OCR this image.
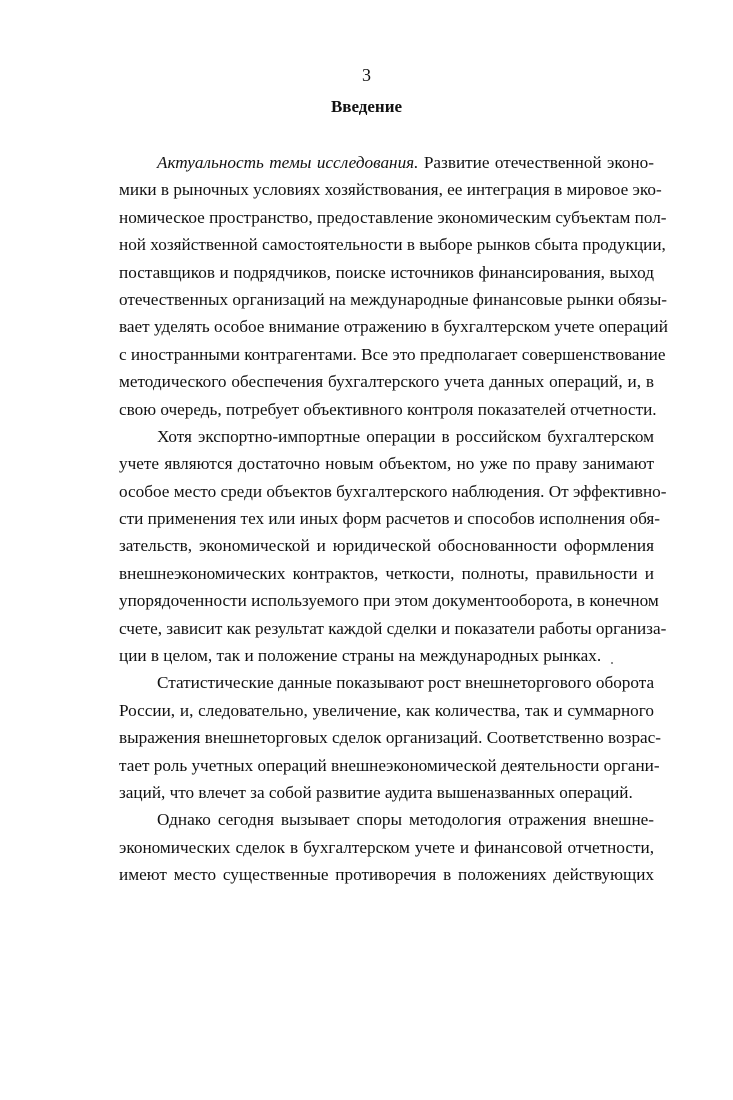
3
Введение
Актуальность темы исследования. Развитие отечественной эконо-
мики в рыночных условиях хозяйствования, ее интеграция в мировое эко-
номическое пространство, предоставление экономическим субъектам пол-
ной хозяйственной самостоятельности в выборе рынков сбыта продукции,
поставщиков и подрядчиков, поиске источников финансирования, выход
отечественных организаций на международные финансовые рынки обязы-
вает уделять особое внимание отражению в бухгалтерском учете операций
с иностранными контрагентами. Все это предполагает совершенствование
методического обеспечения бухгалтерского учета данных операций, и, в
свою очередь, потребует объективного контроля показателей отчетности.
Хотя экспортно-импортные операции в российском бухгалтерском
учете являются достаточно новым объектом, но уже по праву занимают
особое место среди объектов бухгалтерского наблюдения. От эффективно-
сти применения тех или иных форм расчетов и способов исполнения обя-
зательств, экономической и юридической обоснованности оформления
внешнеэкономических контрактов, четкости, полноты, правильности и
упорядоченности используемого при этом документооборота, в конечном
счете, зависит как результат каждой сделки и показатели работы организа-
ции в целом, так и положение страны на международных рынках.
Статистические данные показывают рост внешнеторгового оборота
России, и, следовательно, увеличение, как количества, так и суммарного
выражения внешнеторговых сделок организаций. Соответственно возрас-
тает роль учетных операций внешнеэкономической деятельности органи-
заций, что влечет за собой развитие аудита вышеназванных операций.
Однако сегодня вызывает споры методология отражения внешне-
экономических сделок в бухгалтерском учете и финансовой отчетности,
имеют место существенные противоречия в положениях действующих
